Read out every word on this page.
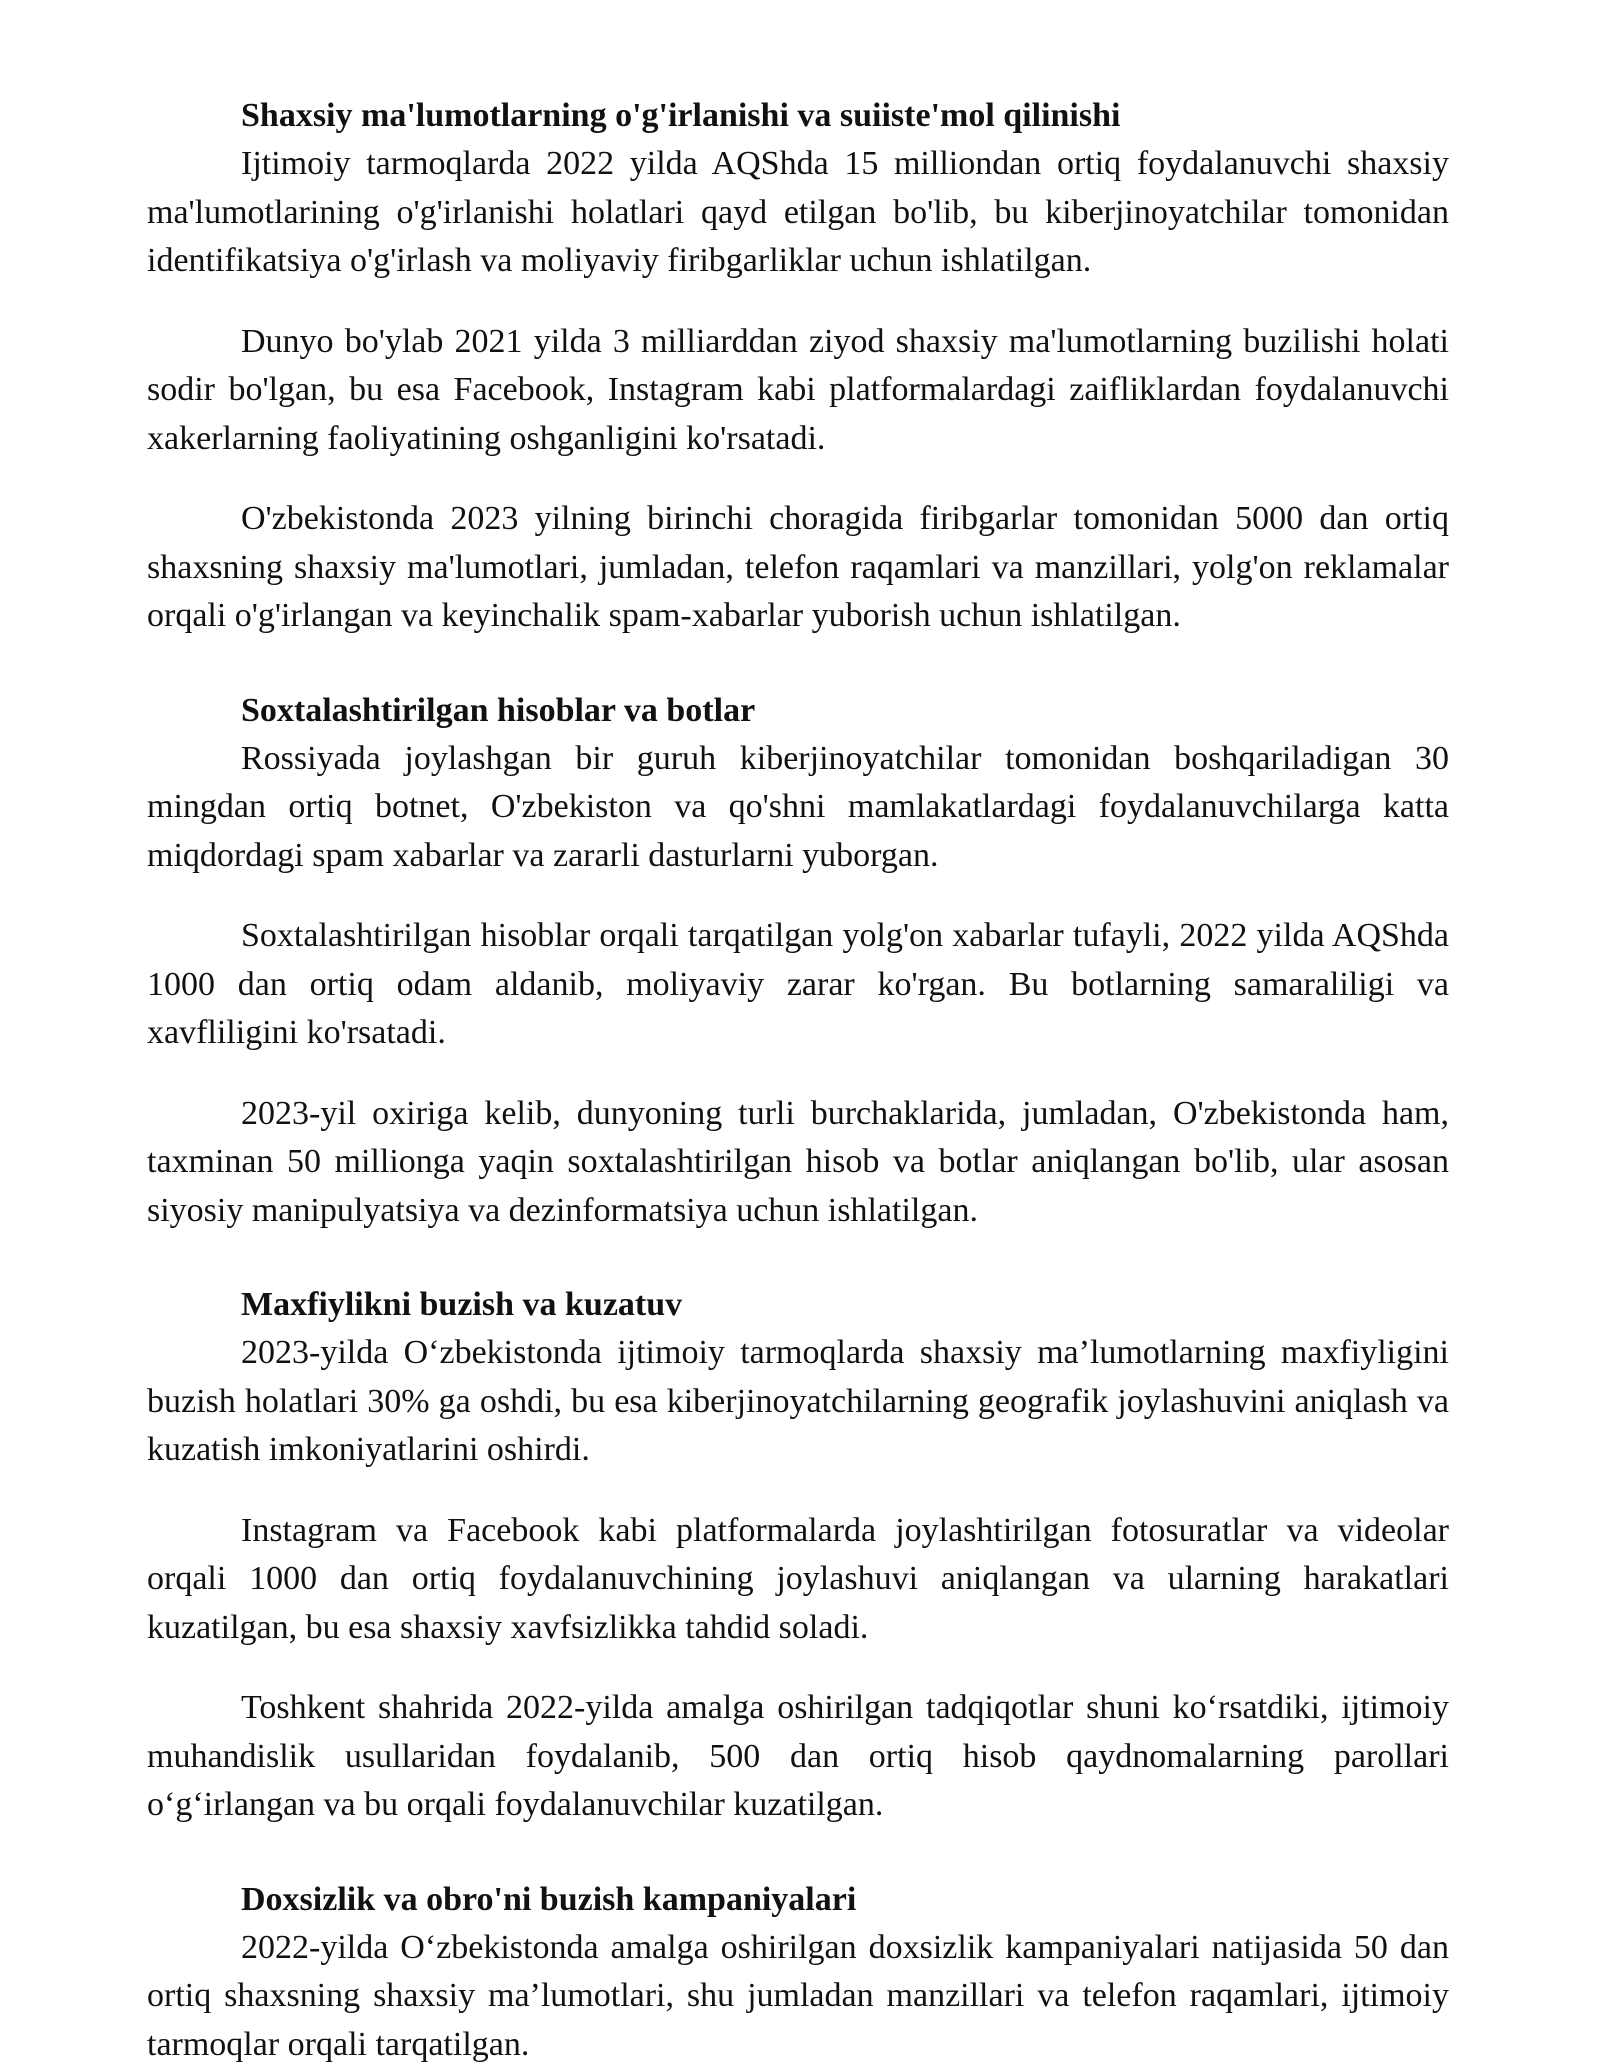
Shaxsiy ma'lumotlarning o'g'irlanishi va suiiste'mol qilinishi

Ijtimoiy tarmoqlarda 2022 yilda AQShda 15 milliondan ortiq foydalanuvchi shaxsiy ma'lumotlarining o'g'irlanishi holatlari qayd etilgan bo'lib, bu kiberjinoyatchilar tomonidan identifikatsiya o'g'irlash va moliyaviy firibgarliklar uchun ishlatilgan.

Dunyo bo'ylab 2021 yilda 3 milliarddan ziyod shaxsiy ma'lumotlarning buzilishi holati sodir bo'lgan, bu esa Facebook, Instagram kabi platformalardagi zaifliklardan foydalanuvchi xakerlarning faoliyatining oshganligini ko'rsatadi.

O'zbekistonda 2023 yilning birinchi choragida firibgarlar tomonidan 5000 dan ortiq shaxsning shaxsiy ma'lumotlari, jumladan, telefon raqamlari va manzillari, yolg'on reklamalar orqali o'g'irlangan va keyinchalik spam-xabarlar yuborish uchun ishlatilgan.

Soxtalashtirilgan hisoblar va botlar

Rossiyada joylashgan bir guruh kiberjinoyatchilar tomonidan boshqariladigan 30 mingdan ortiq botnet, O'zbekiston va qo'shni mamlakatlardagi foydalanuvchilarga katta miqdordagi spam xabarlar va zararli dasturlarni yuborgan.

Soxtalashtirilgan hisoblar orqali tarqatilgan yolg'on xabarlar tufayli, 2022 yilda AQShda 1000 dan ortiq odam aldanib, moliyaviy zarar ko'rgan. Bu botlarning samaraliligi va xavfliligini ko'rsatadi.

2023-yil oxiriga kelib, dunyoning turli burchaklarida, jumladan, O'zbekistonda ham, taxminan 50 millionga yaqin soxtalashtirilgan hisob va botlar aniqlangan bo'lib, ular asosan siyosiy manipulyatsiya va dezinformatsiya uchun ishlatilgan.

Maxfiylikni buzish va kuzatuv

2023-yilda O‘zbekistonda ijtimoiy tarmoqlarda shaxsiy ma’lumotlarning maxfiyligini buzish holatlari 30% ga oshdi, bu esa kiberjinoyatchilarning geografik joylashuvini aniqlash va kuzatish imkoniyatlarini oshirdi.

Instagram va Facebook kabi platformalarda joylashtirilgan fotosuratlar va videolar orqali 1000 dan ortiq foydalanuvchining joylashuvi aniqlangan va ularning harakatlari kuzatilgan, bu esa shaxsiy xavfsizlikka tahdid soladi.

Toshkent shahrida 2022-yilda amalga oshirilgan tadqiqotlar shuni ko‘rsatdiki, ijtimoiy muhandislik usullaridan foydalanib, 500 dan ortiq hisob qaydnomalarning parollari o‘g‘irlangan va bu orqali foydalanuvchilar kuzatilgan.

Doxsizlik va obro'ni buzish kampaniyalari

2022-yilda O‘zbekistonda amalga oshirilgan doxsizlik kampaniyalari natijasida 50 dan ortiq shaxsning shaxsiy ma’lumotlari, shu jumladan manzillari va telefon raqamlari, ijtimoiy tarmoqlar orqali tarqatilgan.
